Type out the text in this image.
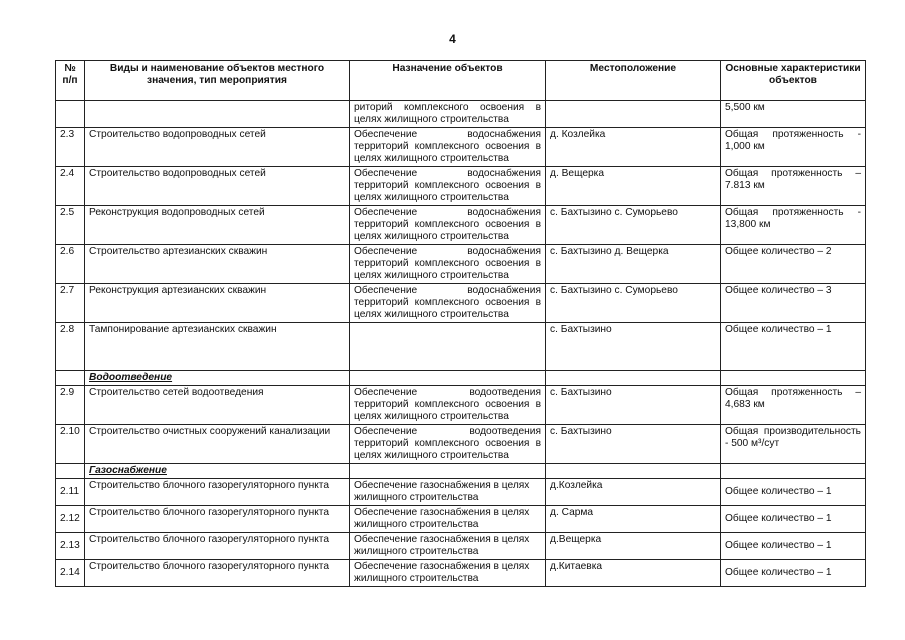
4
№ п/п	Виды и наименование объектов местного значения, тип мероприятия	Назначение объектов	Местоположение	Основные характеристики объектов
		риторий комплексного освоения в целях жилищного строительства		5,500 км
2.3	Строительство водопроводных сетей	Обеспечение водоснабжения территорий комплексного освоения в целях жилищного строительства	д. Козлейка	Общая протяженность - 1,000 км
2.4	Строительство водопроводных сетей	Обеспечение водоснабжения территорий комплексного освоения в целях жилищного строительства	д. Вещерка	Общая протяженность – 7.813 км
2.5	Реконструкция водопроводных сетей	Обеспечение водоснабжения территорий комплексного освоения в целях жилищного строительства	с. Бахтызино с. Суморьево	Общая протяженность - 13,800 км
2.6	Строительство артезианских скважин	Обеспечение водоснабжения территорий комплексного освоения в целях жилищного строительства	с. Бахтызино д. Вещерка	Общее количество – 2
2.7	Реконструкция артезианских скважин	Обеспечение водоснабжения территорий комплексного освоения в целях жилищного строительства	с. Бахтызино с. Суморьево	Общее количество – 3
2.8	Тампонирование артезианских скважин		с. Бахтызино	Общее количество – 1
	Водоотведение			
2.9	Строительство сетей водоотведения	Обеспечение водоотведения территорий комплексного освоения в целях жилищного строительства	с. Бахтызино	Общая протяженность – 4,683 км
2.10	Строительство очистных сооружений канализации	Обеспечение водоотведения территорий комплексного освоения в целях жилищного строительства	с. Бахтызино	Общая производительность - 500 м³/сут
	Газоснабжение			
2.11	Строительство блочного газорегуляторного пункта	Обеспечение газоснабжения в целях жилищного строительства	д.Козлейка	Общее количество – 1
2.12	Строительство блочного газорегуляторного пункта	Обеспечение газоснабжения в целях жилищного строительства	д. Сарма	Общее количество – 1
2.13	Строительство блочного газорегуляторного пункта	Обеспечение газоснабжения в целях жилищного строительства	д.Вещерка	Общее количество – 1
2.14	Строительство блочного газорегуляторного пункта	Обеспечение газоснабжения в целях жилищного строительства	д.Китаевка	Общее количество – 1
